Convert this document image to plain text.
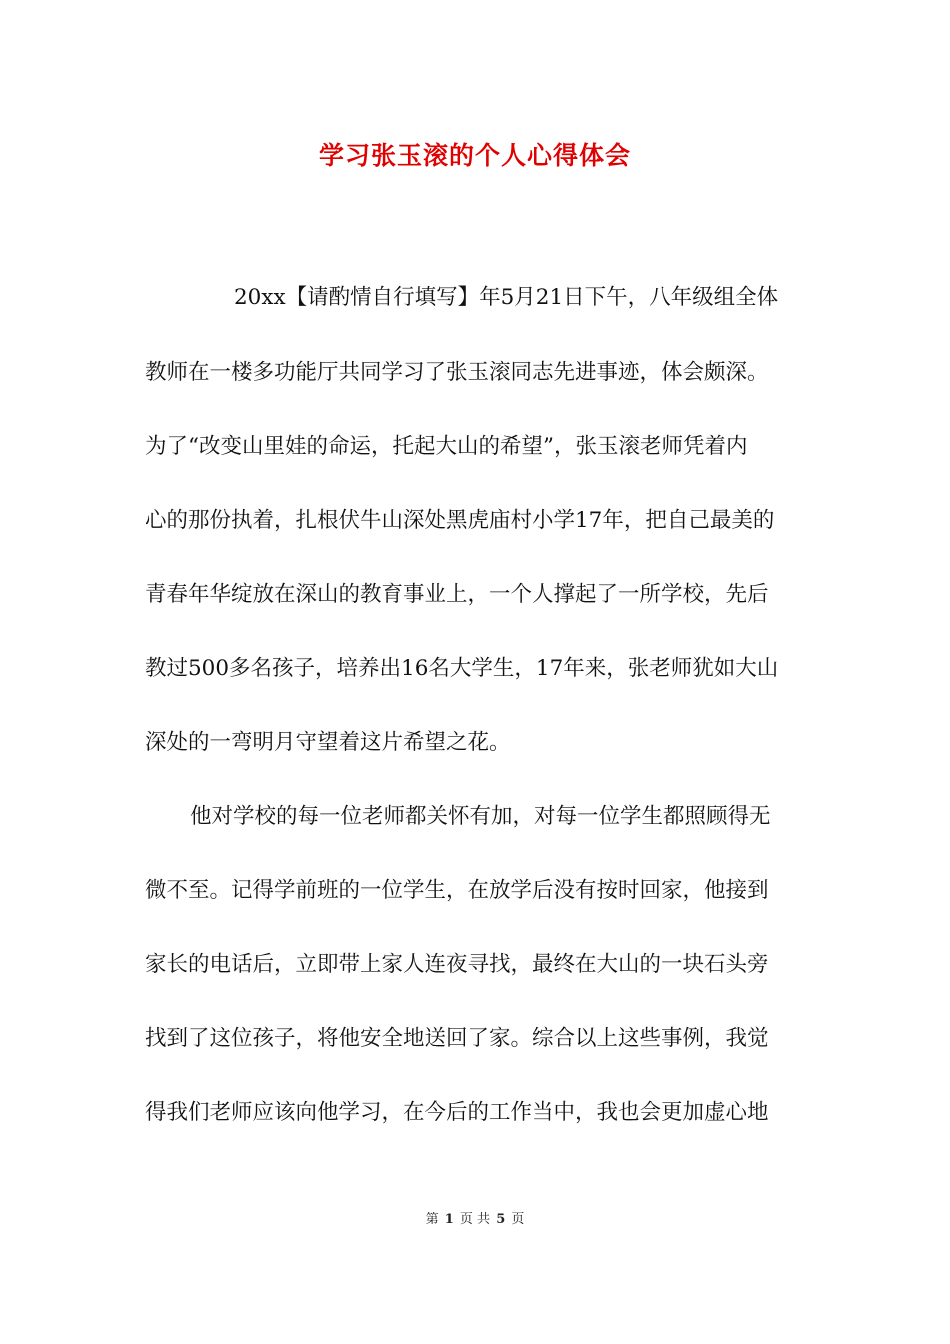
学习张玉滚的个人心得体会
20xx【请酌情自行填写】年5月21日下午，八年级组全体
教师在一楼多功能厅共同学习了张玉滚同志先进事迹，体会颇深。
为了“改变山里娃的命运，托起大山的希望”，张玉滚老师凭着内
心的那份执着，扎根伏牛山深处黑虎庙村小学17年，把自己最美的
青春年华绽放在深山的教育事业上，一个人撑起了一所学校，先后
教过500多名孩子，培养出16名大学生，17年来，张老师犹如大山
深处的一弯明月守望着这片希望之花。
他对学校的每一位老师都关怀有加，对每一位学生都照顾得无
微不至。记得学前班的一位学生，在放学后没有按时回家，他接到
家长的电话后，立即带上家人连夜寻找，最终在大山的一块石头旁
找到了这位孩子，将他安全地送回了家。综合以上这些事例，我觉
得我们老师应该向他学习，在今后的工作当中，我也会更加虚心地
第 1 页 共 5 页
